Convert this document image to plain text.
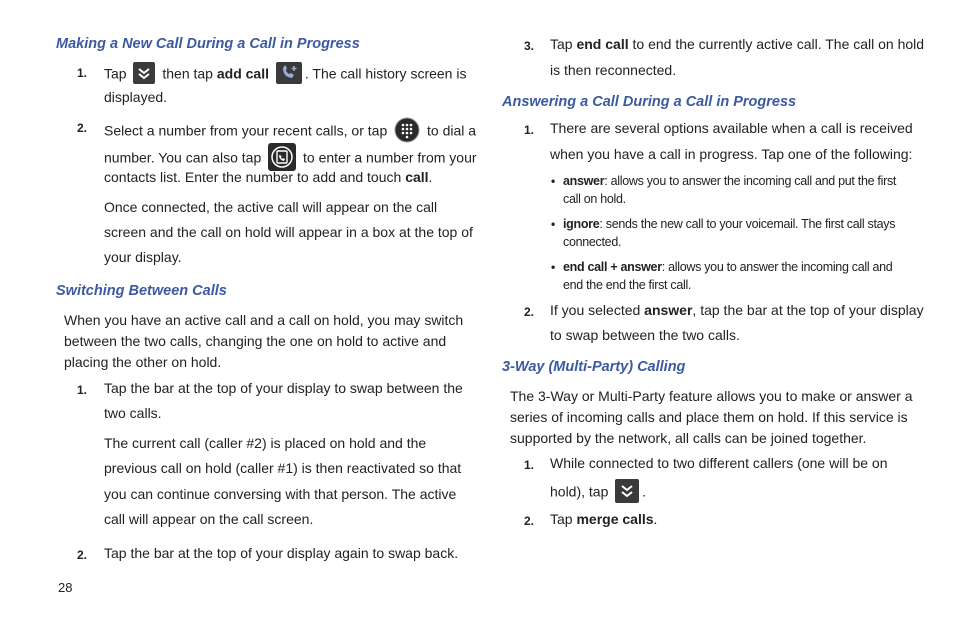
Making a New Call During a Call in Progress
1. Tap	then tap add call	. The call history screen is
displayed.
2. Select a number from your recent calls, or tap	to dial a
number. You can also tap	to enter a number from your
contacts list. Enter the number to add and touch call.
Once connected, the active call will appear on the call
screen and the call on hold will appear in a box at the top of
your display.
Switching Between Calls
When you have an active call and a call on hold, you may switch
between the two calls, changing the one on hold to active and
placing the other on hold.
1. Tap the bar at the top of your display to swap between the
two calls.
The current call (caller #2) is placed on hold and the
previous call on hold (caller #1) is then reactivated so that
you can continue conversing with that person. The active
call will appear on the call screen.
2. Tap the bar at the top of your display again to swap back.
28
3. Tap end call to end the currently active call. The call on hold
is then reconnected.
Answering a Call During a Call in Progress
1. There are several options available when a call is received
when you have a call in progress. Tap one of the following:
• answer: allows you to answer the incoming call and put the first
call on hold.
• ignore: sends the new call to your voicemail. The first call stays
connected.
• end call + answer: allows you to answer the incoming call and
end the end the first call.
2. If you selected answer, tap the bar at the top of your display
to swap between the two calls.
3-Way (Multi-Party) Calling
The 3-Way or Multi-Party feature allows you to make or answer a
series of incoming calls and place them on hold. If this service is
supported by the network, all calls can be joined together.
1. While connected to two different callers (one will be on
hold), tap .
2. Tap merge calls.
